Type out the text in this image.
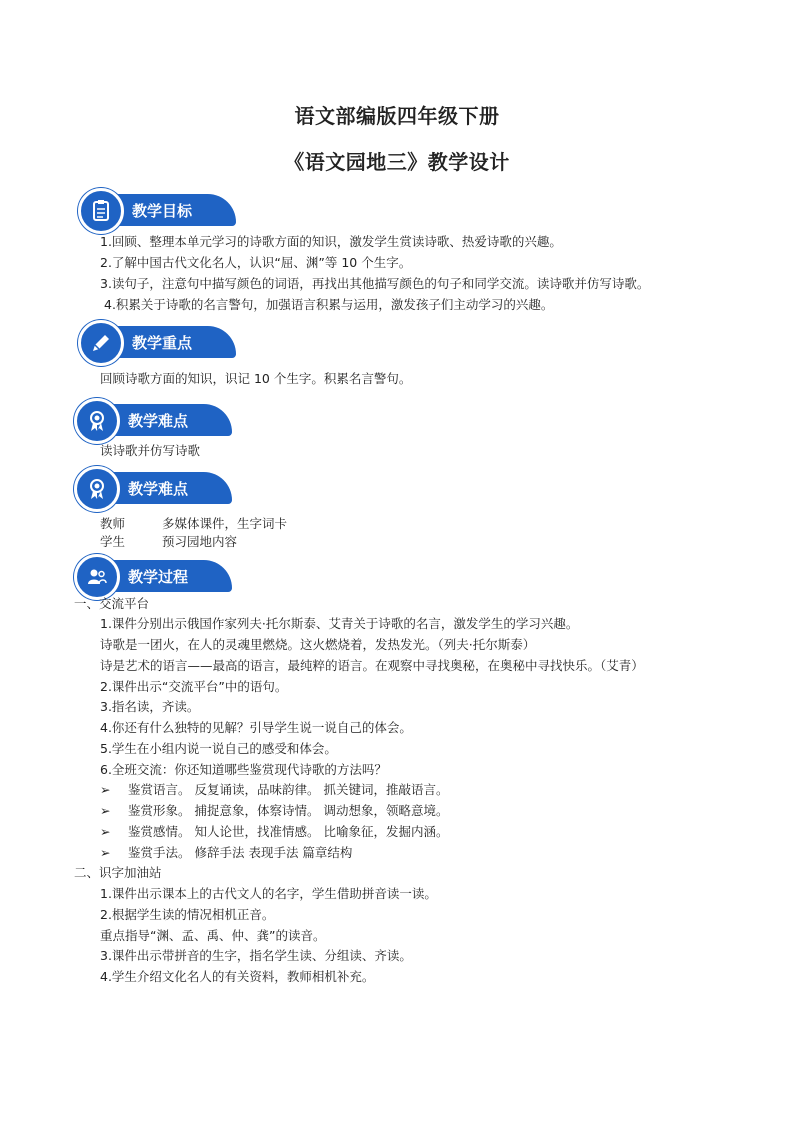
语文部编版四年级下册
《语文园地三》教学设计
教学目标
1.回顾、整理本单元学习的诗歌方面的知识，激发学生赏读诗歌、热爱诗歌的兴趣。
2.了解中国古代文化名人，认识“屈、渊”等 10 个生字。
3.读句子，注意句中描写颜色的词语，再找出其他描写颜色的句子和同学交流。读诗歌并仿写诗歌。
4.积累关于诗歌的名言警句，加强语言积累与运用，激发孩子们主动学习的兴趣。
教学重点
回顾诗歌方面的知识，识记 10 个生字。积累名言警句。
教学难点
读诗歌并仿写诗歌
教学难点
教师	多媒体课件，生字词卡
学生	预习园地内容
教学过程
一、交流平台
1.课件分别出示俄国作家列夫·托尔斯泰、艾青关于诗歌的名言，激发学生的学习兴趣。
诗歌是一团火，在人的灵魂里燃烧。这火燃烧着，发热发光。（列夫·托尔斯泰）
诗是艺术的语言——最高的语言，最纯粹的语言。在观察中寻找奥秘，在奥秘中寻找快乐。（艾青）
2.课件出示“交流平台”中的语句。
3.指名读，齐读。
4.你还有什么独特的见解？引导学生说一说自己的体会。
5.学生在小组内说一说自己的感受和体会。
6.全班交流：你还知道哪些鉴赏现代诗歌的方法吗？
➢ 鉴赏语言。 反复诵读，品味韵律。 抓关键词，推敲语言。
➢ 鉴赏形象。 捕捉意象，体察诗情。 调动想象，领略意境。
➢ 鉴赏感情。 知人论世，找准情感。 比喻象征，发掘内涵。
➢ 鉴赏手法。 修辞手法 表现手法 篇章结构
二、识字加油站
1.课件出示课本上的古代文人的名字，学生借助拼音读一读。
2.根据学生读的情况相机正音。
重点指导“渊、孟、禹、仲、龚”的读音。
3.课件出示带拼音的生字，指名学生读、分组读、齐读。
4.学生介绍文化名人的有关资料，教师相机补充。
